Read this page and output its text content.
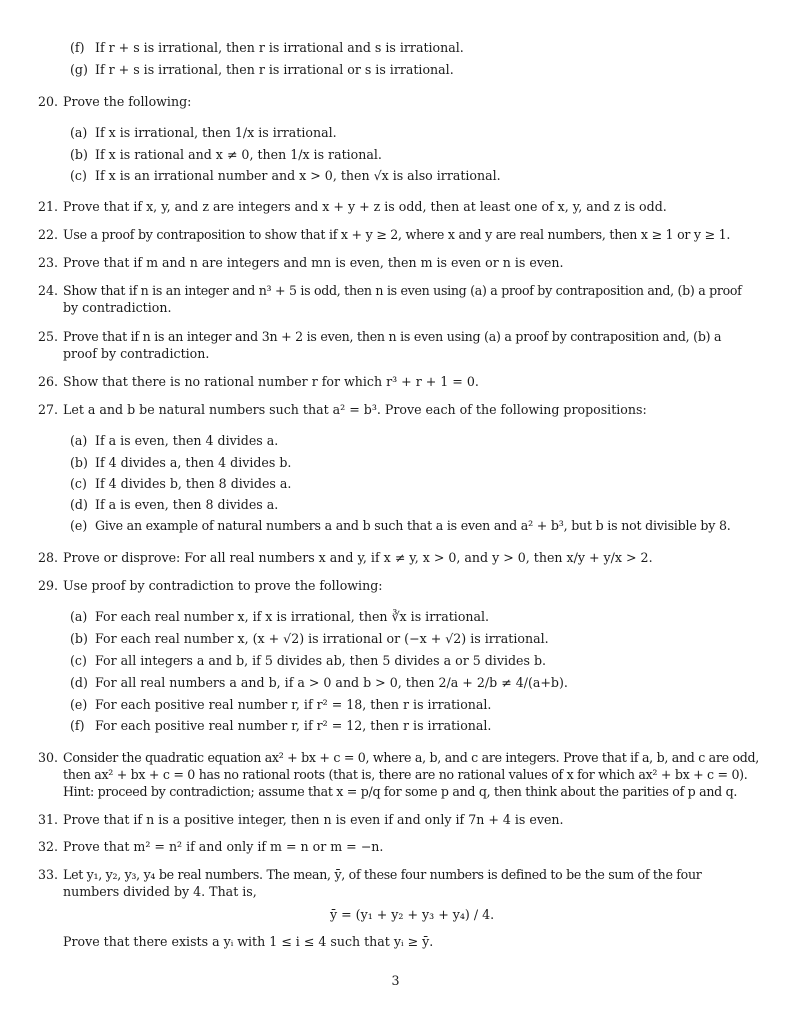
(f) If r + s is irrational, then r is irrational and s is irrational.
(g) If r + s is irrational, then r is irrational or s is irrational.
20. Prove the following:
(a) If x is irrational, then 1/x is irrational.
(b) If x is rational and x ≠ 0, then 1/x is rational.
(c) If x is an irrational number and x > 0, then √x is also irrational.
21. Prove that if x, y, and z are integers and x + y + z is odd, then at least one of x, y, and z is odd.
22. Use a proof by contraposition to show that if x + y ≥ 2, where x and y are real numbers, then x ≥ 1 or y ≥ 1.
23. Prove that if m and n are integers and mn is even, then m is even or n is even.
24. Show that if n is an integer and n³ + 5 is odd, then n is even using (a) a proof by contraposition and, (b) a proof
by contradiction.
25. Prove that if n is an integer and 3n + 2 is even, then n is even using (a) a proof by contraposition and, (b) a
proof by contradiction.
26. Show that there is no rational number r for which r³ + r + 1 = 0.
27. Let a and b be natural numbers such that a² = b³. Prove each of the following propositions:
(a) If a is even, then 4 divides a.
(b) If 4 divides a, then 4 divides b.
(c) If 4 divides b, then 8 divides a.
(d) If a is even, then 8 divides a.
(e) Give an example of natural numbers a and b such that a is even and a² + b³, but b is not divisible by 8.
28. Prove or disprove: For all real numbers x and y, if x ≠ y, x > 0, and y > 0, then x/y + y/x > 2.
29. Use proof by contradiction to prove the following:
(a) For each real number x, if x is irrational, then ∛x is irrational.
(b) For each real number x, (x + √2) is irrational or (−x + √2) is irrational.
(c) For all integers a and b, if 5 divides ab, then 5 divides a or 5 divides b.
(d) For all real numbers a and b, if a > 0 and b > 0, then 2/a + 2/b ≠ 4/(a+b).
(e) For each positive real number r, if r² = 18, then r is irrational.
(f) For each positive real number r, if r² = 12, then r is irrational.
30. Consider the quadratic equation ax² + bx + c = 0, where a, b, and c are integers. Prove that if a, b, and c are odd,
then ax² + bx + c = 0 has no rational roots (that is, there are no rational values of x for which ax² + bx + c = 0).
Hint: proceed by contradiction; assume that x = p/q for some p and q, then think about the parities of p and q.
31. Prove that if n is a positive integer, then n is even if and only if 7n + 4 is even.
32. Prove that m² = n² if and only if m = n or m = −n.
33. Let y₁, y₂, y₃, y₄ be real numbers. The mean, ȳ, of these four numbers is defined to be the sum of the four
numbers divided by 4. That is,
ȳ = (y₁ + y₂ + y₃ + y₄) / 4.
Prove that there exists a yᵢ with 1 ≤ i ≤ 4 such that yᵢ ≥ ȳ.
3
